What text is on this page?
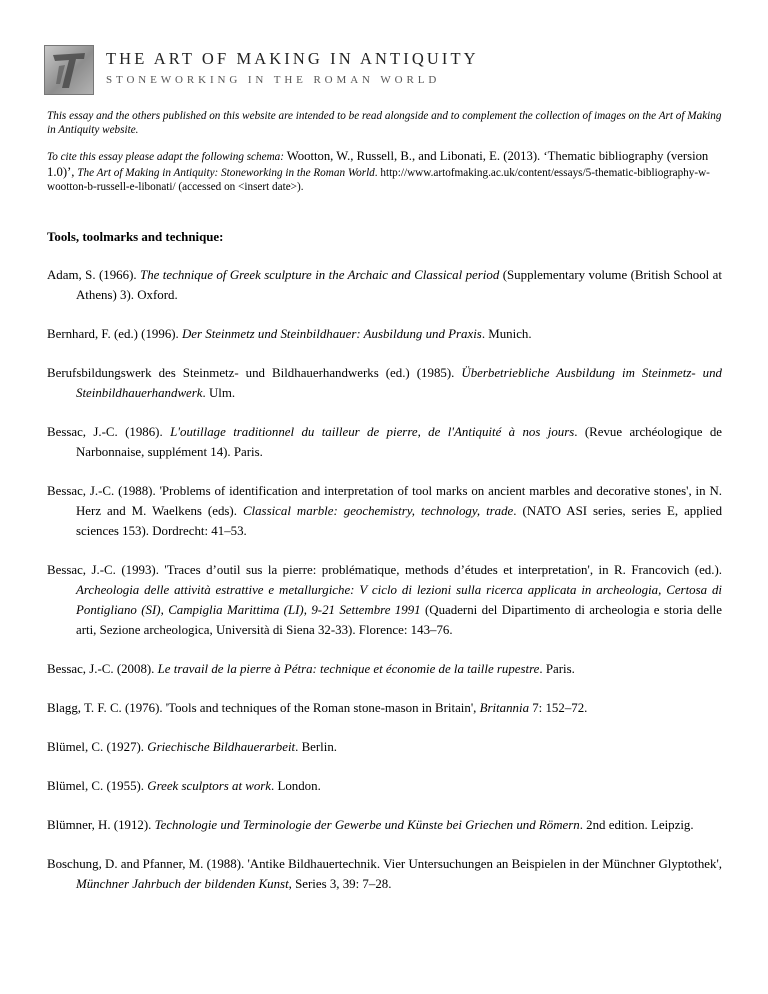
THE ART OF MAKING IN ANTIQUITY
STONEWORKING IN THE ROMAN WORLD

This essay and the others published on this website are intended to be read alongside and to complement the collection of images on the Art of Making in Antiquity website.

To cite this essay please adapt the following schema: Wootton, W., Russell, B., and Libonati, E. (2013). ‘Thematic bibliography (version 1.0)’, The Art of Making in Antiquity: Stoneworking in the Roman World. http://www.artofmaking.ac.uk/content/essays/5-thematic-bibliography-w-wootton-b-russell-e-libonati/ (accessed on <insert date>).

Tools, toolmarks and technique:

Adam, S. (1966). The technique of Greek sculpture in the Archaic and Classical period (Supplementary volume (British School at Athens) 3). Oxford.

Bernhard, F. (ed.) (1996). Der Steinmetz und Steinbildhauer: Ausbildung und Praxis. Munich.

Berufsbildungswerk des Steinmetz- und Bildhauerhandwerks (ed.) (1985). Überbetriebliche Ausbildung im Steinmetz- und Steinbildhauerhandwerk. Ulm.

Bessac, J.-C. (1986). L'outillage traditionnel du tailleur de pierre, de l'Antiquité à nos jours. (Revue archéologique de Narbonnaise, supplément 14). Paris.

Bessac, J.-C. (1988). 'Problems of identification and interpretation of tool marks on ancient marbles and decorative stones', in N. Herz and M. Waelkens (eds). Classical marble: geochemistry, technology, trade. (NATO ASI series, series E, applied sciences 153). Dordrecht: 41–53.

Bessac, J.-C. (1993). 'Traces d’outil sus la pierre: problématique, methods d’études et interpretation', in R. Francovich (ed.). Archeologia delle attività estrattive e metallurgiche: V ciclo di lezioni sulla ricerca applicata in archeologia, Certosa di Pontigliano (SI), Campiglia Marittima (LI), 9-21 Settembre 1991 (Quaderni del Dipartimento di archeologia e storia delle arti, Sezione archeologica, Università di Siena 32-33). Florence: 143–76.

Bessac, J.-C. (2008). Le travail de la pierre à Pétra: technique et économie de la taille rupestre. Paris.

Blagg, T. F. C. (1976). 'Tools and techniques of the Roman stone-mason in Britain', Britannia 7: 152–72.

Blümel, C. (1927). Griechische Bildhauerarbeit. Berlin.

Blümel, C. (1955). Greek sculptors at work. London.

Blümner, H. (1912). Technologie und Terminologie der Gewerbe und Künste bei Griechen und Römern. 2nd edition. Leipzig.

Boschung, D. and Pfanner, M. (1988). 'Antike Bildhauertechnik. Vier Untersuchungen an Beispielen in der Münchner Glyptothek', Münchner Jahrbuch der bildenden Kunst, Series 3, 39: 7–28.
